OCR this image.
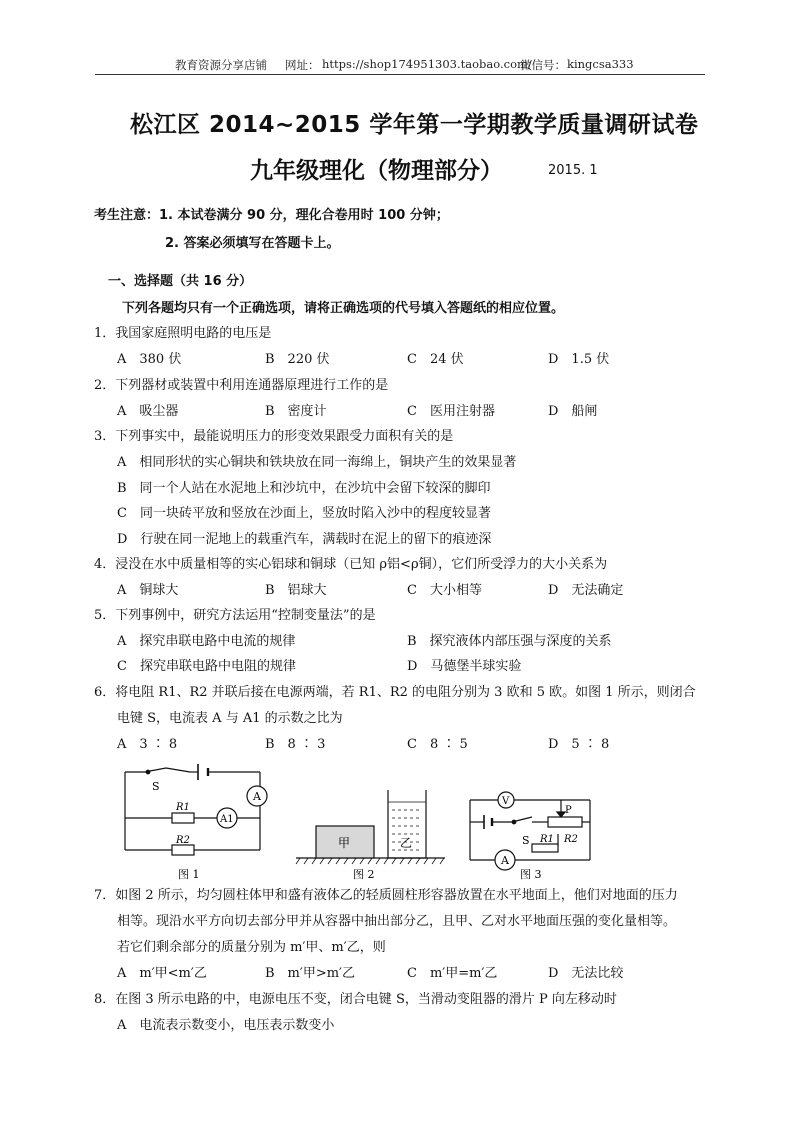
教育资源分享店铺 网址： https://shop174951303.taobao.com/
微信号： kingcsa333
松江区 2014~2015 学年第一学期教学质量调研试卷
九年级理化（物理部分）	2015. 1
考生注意：1. 本试卷满分 90 分，理化合卷用时 100 分钟；
2. 答案必须填写在答题卡上。
一、选择题（共 16 分）
下列各题均只有一个正确选项，请将正确选项的代号填入答题纸的相应位置。
1．我国家庭照明电路的电压是
A　380 伏	B　220 伏	C　24 伏	D　1.5 伏
2．下列器材或装置中利用连通器原理进行工作的是
A　吸尘器	B　密度计	C　医用注射器	D　船闸
3．下列事实中，最能说明压力的形变效果跟受力面积有关的是
A　相同形状的实心铜块和铁块放在同一海绵上，铜块产生的效果显著
B　同一个人站在水泥地上和沙坑中，在沙坑中会留下较深的脚印
C　同一块砖平放和竖放在沙面上，竖放时陷入沙中的程度较显著
D　行驶在同一泥地上的载重汽车，满载时在泥上的留下的痕迹深
4．浸没在水中质量相等的实心铝球和铜球（已知 ρ铝<ρ铜），它们所受浮力的大小关系为
A　铜球大	B　铝球大	C　大小相等	D　无法确定
5．下列事例中，研究方法运用“控制变量法”的是
A　探究串联电路中电流的规律	B　探究液体内部压强与深度的关系
C　探究串联电路中电阻的规律	D　马德堡半球实验
6．将电阻 R1、R2 并联后接在电源两端，若 R1、R2 的电阻分别为 3 欧和 5 欧。如图 1 所示，则闭合
电键 S，电流表 A 与 A1 的示数之比为
A　3 ∶ 8	B　8 ∶ 3	C　8 ∶ 5	D　5 ∶ 8
S
A
A1
R1
R2
图 1
甲	乙
图 2
V
P
S	R2
R1
A
图 3
7．如图 2 所示，均匀圆柱体甲和盛有液体乙的轻质圆柱形容器放置在水平地面上，他们对地面的压力
相等。现沿水平方向切去部分甲并从容器中抽出部分乙，且甲、乙对水平地面压强的变化量相等。
若它们剩余部分的质量分别为 m′甲、m′乙，则
A　m′甲<m′乙	B　m′甲>m′乙	C　m′甲=m′乙	D　无法比较
8．在图 3 所示电路的中，电源电压不变，闭合电键 S，当滑动变阻器的滑片 P 向左移动时
A　电流表示数变小，电压表示数变小
